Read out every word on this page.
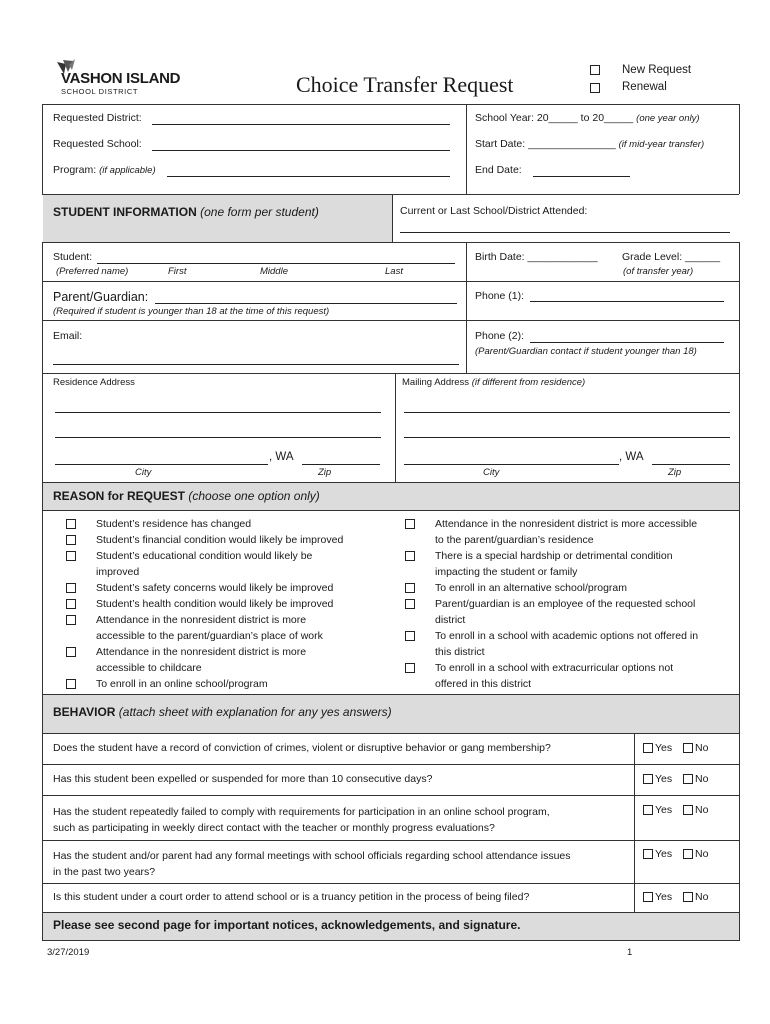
VASHON ISLAND
SCHOOL DISTRICT	Choice Transfer Request
New Request
Renewal
Requested District:
Requested School:
Program: (if applicable)
School Year: 20_____ to 20_____ (one year only)
Start Date: _______________ (if mid-year transfer)
End Date:
STUDENT INFORMATION (one form per student)	Current or Last School/District Attended:
Student:
(Preferred name)	First	Middle	Last
Birth Date: ____________ Grade Level: ______
(of transfer year)
Parent/Guardian:
(Required if student is younger than 18 at the time of this request)
Phone (1):
Email:	Phone (2):
(Parent/Guardian contact if student younger than 18)
Residence Address
, WA
City	Zip
Mailing Address (if different from residence)
, WA
City	Zip
REASON for REQUEST (choose one option only)
Student’s residence has changed
Student’s financial condition would likely be improved
Student’s educational condition would likely be
improved
Student’s safety concerns would likely be improved
Student’s health condition would likely be improved
Attendance in the nonresident district is more
accessible to the parent/guardian’s place of work
Attendance in the nonresident district is more
accessible to childcare
To enroll in an online school/program
Attendance in the nonresident district is more accessible
to the parent/guardian’s residence
There is a special hardship or detrimental condition
impacting the student or family
To enroll in an alternative school/program
Parent/guardian is an employee of the requested school
district
To enroll in a school with academic options not offered in
this district
To enroll in a school with extracurricular options not
offered in this district
BEHAVIOR (attach sheet with explanation for any yes answers)
Does the student have a record of conviction of crimes, violent or disruptive behavior or gang membership?	Yes No
Has this student been expelled or suspended for more than 10 consecutive days?	Yes No
Has the student repeatedly failed to comply with requirements for participation in an online school program,
such as participating in weekly direct contact with the teacher or monthly progress evaluations?
Yes No
Has the student and/or parent had any formal meetings with school officials regarding school attendance issues
in the past two years?
Yes No
Is this student under a court order to attend school or is a truancy petition in the process of being filed?	Yes No
Please see second page for important notices, acknowledgements, and signature.
3/27/2019	1
